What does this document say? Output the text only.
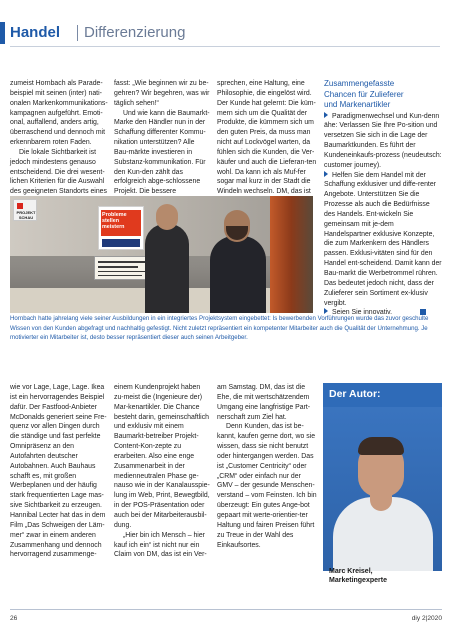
Handel Differenzierung

zumeist Hornbach als Parade-beispiel mit seinen (inter) nati-onalen Markenkommunikations-kampagnen aufgeführt. Emoti-onal, auffallend, anders artig, überraschend und dennoch mit erkennbarem roten Faden.

Die lokale Sichtbarkeit ist jedoch mindestens genauso entscheidend. Die drei wesent-lichen Kriterien für die Auswahl des geeigneten Standorts eines

fasst: „Wie beginnen wir zu be-gehren? Wir begehren, was wir täglich sehen!“

Und wie kann die Baumarkt-Marke den Händler nun in der Schaffung differenter Kommu-nikation unterstützen? Alle Bau-märkte investieren in Substanz-kommunikation. Für den Kun-den zählt das erfolgreich abge-schlossene Projekt. Die bessere

sprechen, eine Haltung, eine Philosophie, die eingelöst wird. Der Kunde hat gelernt: Die küm-mern sich um die Qualität der Produkte, die kümmern sich um den guten Preis, da muss man nicht auf Lockvögel warten, da fühlen sich die Kunden, die Ver-käufer und auch die Lieferan-ten wohl. Da kann ich als Muf-fer sogar mal kurz in der Stadt die Windeln wechseln. DM, das ist

Zusammengefasste
Chancen für Zulieferer
und Markenartikler

Paradigmenwechsel und Kun-denn ähe: Verlassen Sie Ihre Po-sition und versetzen Sie sich in die Lage der Baumarktkunden. Es führt der Kundeneinkaufs-prozess (neudeutsch: customer journey).

Helfen Sie dem Handel mit der Schaffung exklusiver und diffe-renter Angebote. Unterstützen Sie die Prozesse als auch die Bedürfnisse des Handels. Ent-wickeln Sie gemeinsam mit je-dem Handelspartner exklusive Konzepte, die zum Markenkern des Händlers passen. Exklusi-vitäten sind für den Handel ent-scheidend. Damit kann der Bau-markt die Werbetrommel rühren. Das bedeutet jedoch nicht, dass der Zulieferer sein Sortiment ex-klusiv vergibt.

Seien Sie innovativ.

PROJEKT SCHAU	Probleme stellen meistern
Hornbach hatte jahrelang viele seiner Ausbildungen in ein integriertes Projektsystem eingebettet: Is bewerbenden Vorführungen wurde das zuvor geschulte Wissen von den Kunden abgefragt und nachhaltig gefestigt. Nicht zuletzt repräsentiert ein kompetenter Mitarbeiter auch die Qualität der Unternehmung. Je motivierter ein Mitarbeiter ist, desto besser repräsentiert dieser auch seinen Arbeitgeber.

wie vor Lage, Lage, Lage. Ikea ist ein hervorragendes Beispiel dafür. Der Fastfood-Anbieter McDonalds generiert seine Fre-quenz vor allen Dingen durch die ständige und fast perfekte Omnipräsenz an den Autofahrten deutscher Autobahnen. Auch Bauhaus schafft es, mit großen Werbeplanen und der häufig stark frequentierten Lage mas-sive Sichtbarkeit zu erzeugen. Hannibal Lecter hat das in dem Film „Das Schweigen der Läm-mer“ zwar in einem anderen Zusammenhang und dennoch hervorragend zusammenge-

einem Kundenprojekt haben zu-meist die (Ingenieure der) Mar-kenartikler. Die Chance besteht darin, gemeinschaftlich und exklusiv mit einem Baumarkt-betreiber Projekt-Content-Kon-zepte zu erarbeiten. Also eine enge Zusammenarbeit in der medienneutralen Phase ge-nauso wie in der Kanalausspie-lung im Web, Print, Bewegtbild, in der POS-Präsentation oder auch bei der Mitarbeiterausbil-dung.

„Hier bin ich Mensch – hier kauf ich ein“ ist nicht nur ein Claim von DM, das ist ein Ver-

am Samstag. DM, das ist die Ehe, die mit wertschätzendem Umgang eine langfristige Part-nerschaft zum Ziel hat.

Denn Kunden, das ist be-kannt, kaufen gerne dort, wo sie wissen, dass sie nicht benutzt oder hintergangen werden. Das ist „Customer Centricity“ oder „CRM“ oder einfach nur der GMV – der gesunde Menschen-verstand – vom Feinsten. Ich bin überzeugt: Ein gutes Ange-bot gepaart mit werte-orientier-ter Haltung und fairen Preisen führt zu Treue in der Wahl des Einkaufsortes.

Der Autor:
Marc Kreisel,
Marketingexperte
26	diy 2|2020
